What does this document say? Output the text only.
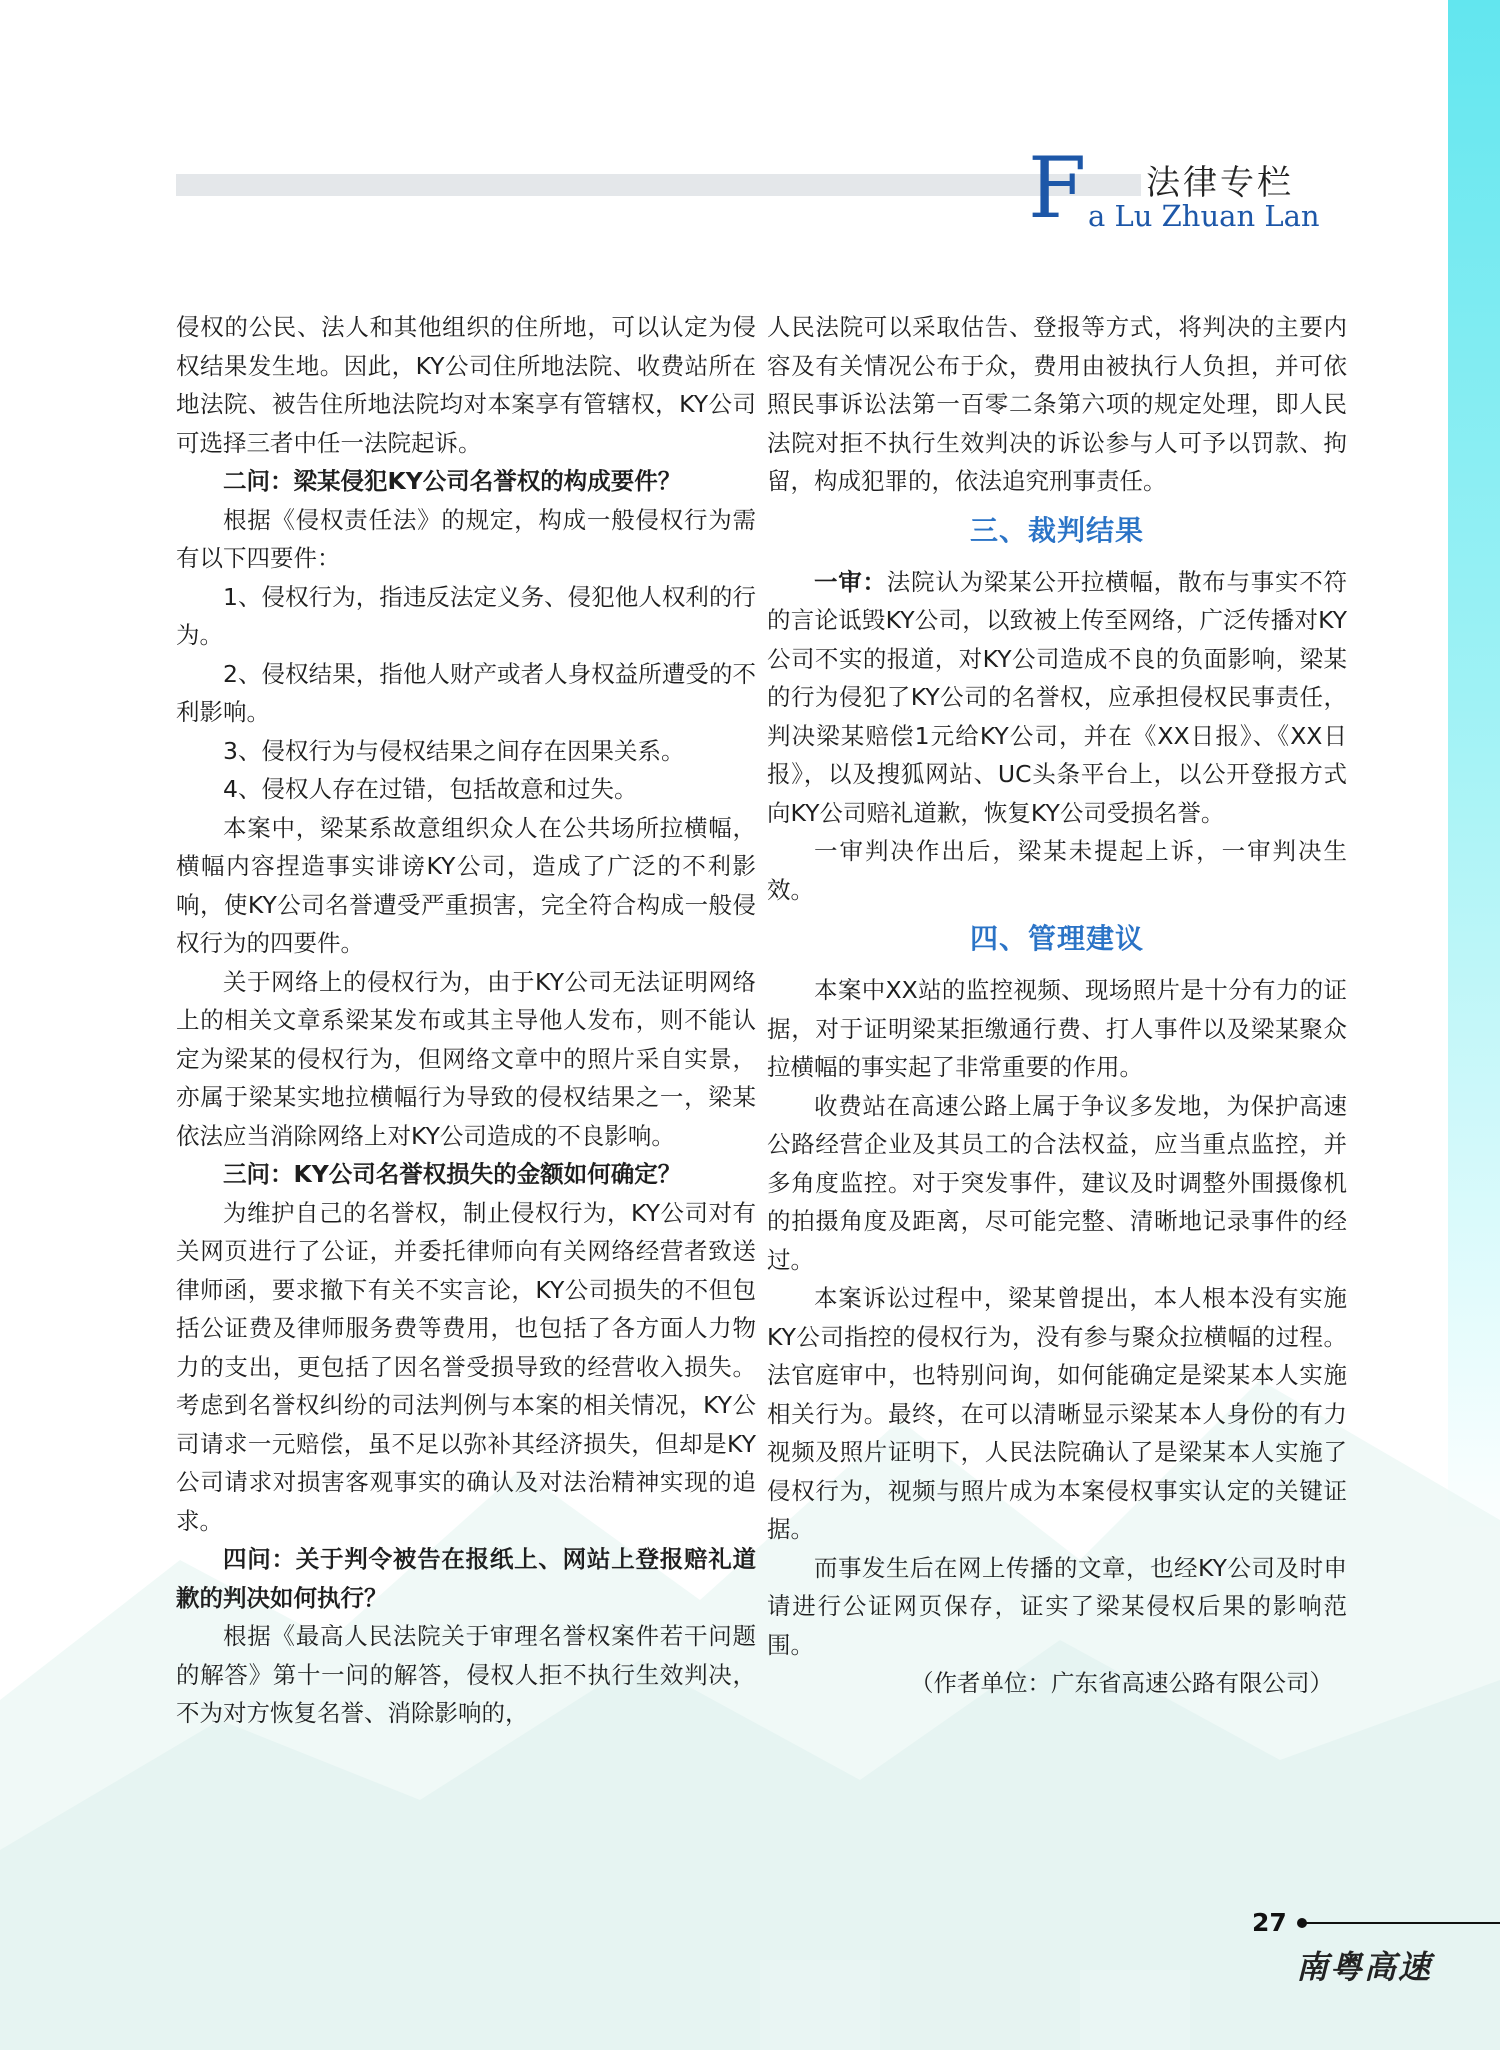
F	法律专栏
a Lu Zhuan Lan

侵权的公民、法人和其他组织的住所地，可以认定为侵权结果发生地。因此，KY公司住所地法院、收费站所在地法院、被告住所地法院均对本案享有管辖权，KY公司可选择三者中任一法院起诉。

二问：梁某侵犯KY公司名誉权的构成要件？

根据《侵权责任法》的规定，构成一般侵权行为需有以下四要件：

1、侵权行为，指违反法定义务、侵犯他人权利的行为。

2、侵权结果，指他人财产或者人身权益所遭受的不利影响。

3、侵权行为与侵权结果之间存在因果关系。

4、侵权人存在过错，包括故意和过失。

本案中，梁某系故意组织众人在公共场所拉横幅，横幅内容捏造事实诽谤KY公司，造成了广泛的不利影响，使KY公司名誉遭受严重损害，完全符合构成一般侵权行为的四要件。

关于网络上的侵权行为，由于KY公司无法证明网络上的相关文章系梁某发布或其主导他人发布，则不能认定为梁某的侵权行为，但网络文章中的照片采自实景，亦属于梁某实地拉横幅行为导致的侵权结果之一，梁某依法应当消除网络上对KY公司造成的不良影响。

三问：KY公司名誉权损失的金额如何确定？

为维护自己的名誉权，制止侵权行为，KY公司对有关网页进行了公证，并委托律师向有关网络经营者致送律师函，要求撤下有关不实言论，KY公司损失的不但包括公证费及律师服务费等费用，也包括了各方面人力物力的支出，更包括了因名誉受损导致的经营收入损失。考虑到名誉权纠纷的司法判例与本案的相关情况，KY公司请求一元赔偿，虽不足以弥补其经济损失，但却是KY公司请求对损害客观事实的确认及对法治精神实现的追求。

四问：关于判令被告在报纸上、网站上登报赔礼道歉的判决如何执行？

根据《最高人民法院关于审理名誉权案件若干问题的解答》第十一问的解答，侵权人拒不执行生效判决，不为对方恢复名誉、消除影响的，

人民法院可以采取估告、登报等方式，将判决的主要内容及有关情况公布于众，费用由被执行人负担，并可依照民事诉讼法第一百零二条第六项的规定处理，即人民法院对拒不执行生效判决的诉讼参与人可予以罚款、拘留，构成犯罪的，依法追究刑事责任。

三、裁判结果

一审：法院认为梁某公开拉横幅，散布与事实不符的言论诋毁KY公司，以致被上传至网络，广泛传播对KY公司不实的报道，对KY公司造成不良的负面影响，梁某的行为侵犯了KY公司的名誉权，应承担侵权民事责任，判决梁某赔偿1元给KY公司，并在《XX日报》、《XX日报》，以及搜狐网站、UC头条平台上，以公开登报方式向KY公司赔礼道歉，恢复KY公司受损名誉。

一审判决作出后，梁某未提起上诉，一审判决生效。

四、管理建议

本案中XX站的监控视频、现场照片是十分有力的证据，对于证明梁某拒缴通行费、打人事件以及梁某聚众拉横幅的事实起了非常重要的作用。

收费站在高速公路上属于争议多发地，为保护高速公路经营企业及其员工的合法权益，应当重点监控，并多角度监控。对于突发事件，建议及时调整外围摄像机的拍摄角度及距离，尽可能完整、清晰地记录事件的经过。

本案诉讼过程中，梁某曾提出，本人根本没有实施KY公司指控的侵权行为，没有参与聚众拉横幅的过程。法官庭审中，也特别问询，如何能确定是梁某本人实施相关行为。最终，在可以清晰显示梁某本人身份的有力视频及照片证明下，人民法院确认了是梁某本人实施了侵权行为，视频与照片成为本案侵权事实认定的关键证据。

而事发生后在网上传播的文章，也经KY公司及时申请进行公证网页保存，证实了梁某侵权后果的影响范围。

（作者单位：广东省高速公路有限公司）

27
南粤高速
